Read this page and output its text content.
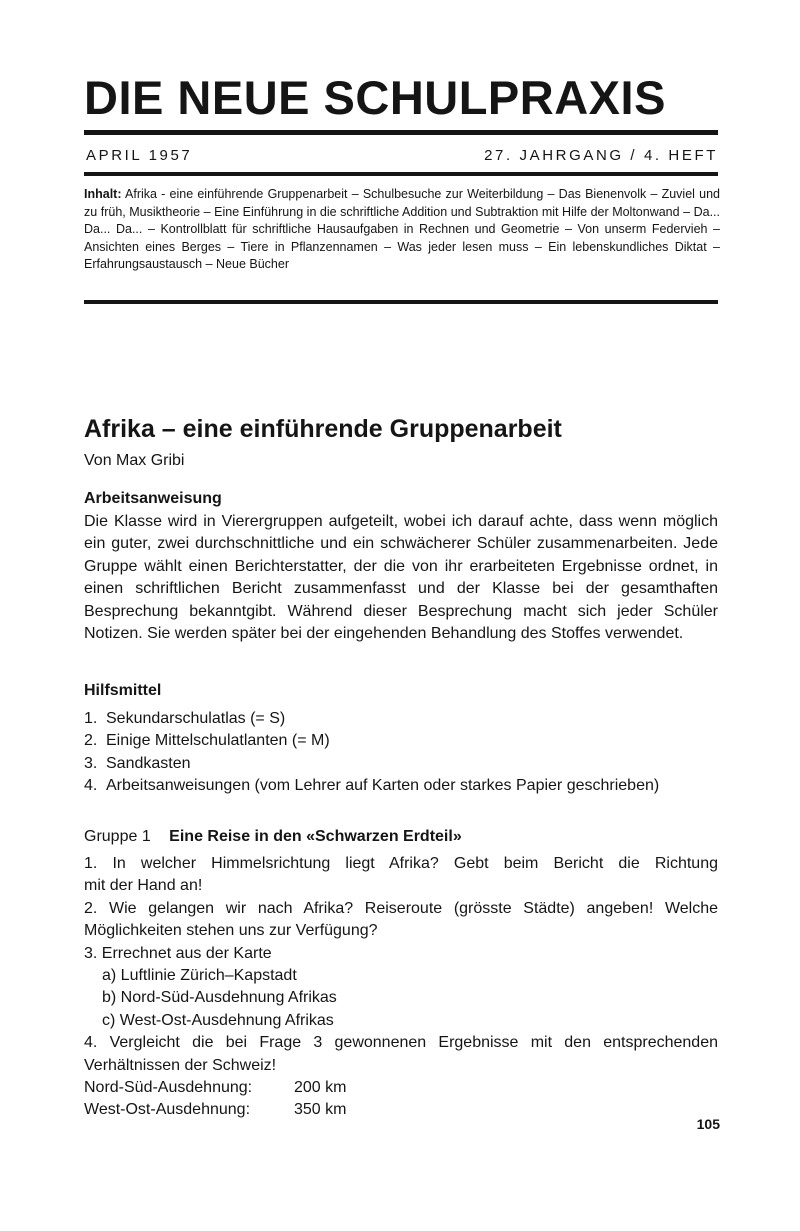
DIE NEUE SCHULPRAXIS
APRIL 1957	27. JAHRGANG / 4. HEFT
Inhalt: Afrika - eine einführende Gruppenarbeit – Schulbesuche zur Weiterbildung – Das Bienenvolk – Zuviel und zu früh, Musiktheorie – Eine Einführung in die schriftliche Addition und Subtraktion mit Hilfe der Moltonwand – Da... Da... Da... – Kontrollblatt für schriftliche Hausaufgaben in Rechnen und Geometrie – Von unserm Federvieh – Ansichten eines Berges – Tiere in Pflanzennamen – Was jeder lesen muss – Ein lebenskundliches Diktat – Erfahrungsaustausch – Neue Bücher
Afrika – eine einführende Gruppenarbeit
Von Max Gribi
Arbeitsanweisung
Die Klasse wird in Vierergruppen aufgeteilt, wobei ich darauf achte, dass wenn möglich ein guter, zwei durchschnittliche und ein schwächerer Schüler zusammenarbeiten. Jede Gruppe wählt einen Berichterstatter, der die von ihr erarbeiteten Ergebnisse ordnet, in einen schriftlichen Bericht zusammenfasst und der Klasse bei der gesamthaften Besprechung bekanntgibt. Während dieser Besprechung macht sich jeder Schüler Notizen. Sie werden später bei der eingehenden Behandlung des Stoffes verwendet.
Hilfsmittel
1. Sekundarschulatlas (= S)
2. Einige Mittelschulatlanten (= M)
3. Sandkasten
4. Arbeitsanweisungen (vom Lehrer auf Karten oder starkes Papier geschrieben)
Gruppe 1 Eine Reise in den «Schwarzen Erdteil»
1. In welcher Himmelsrichtung liegt Afrika? Gebt beim Bericht die Richtung
mit der Hand an!
2. Wie gelangen wir nach Afrika? Reiseroute (grösste Städte) angeben! Welche
Möglichkeiten stehen uns zur Verfügung?
3. Errechnet aus der Karte
a) Luftlinie Zürich–Kapstadt
b) Nord-Süd-Ausdehnung Afrikas
c) West-Ost-Ausdehnung Afrikas
4. Vergleicht die bei Frage 3 gewonnenen Ergebnisse mit den entsprechenden
Verhältnissen der Schweiz!
Nord-Süd-Ausdehnung:	200 km
West-Ost-Ausdehnung:	350 km
105
